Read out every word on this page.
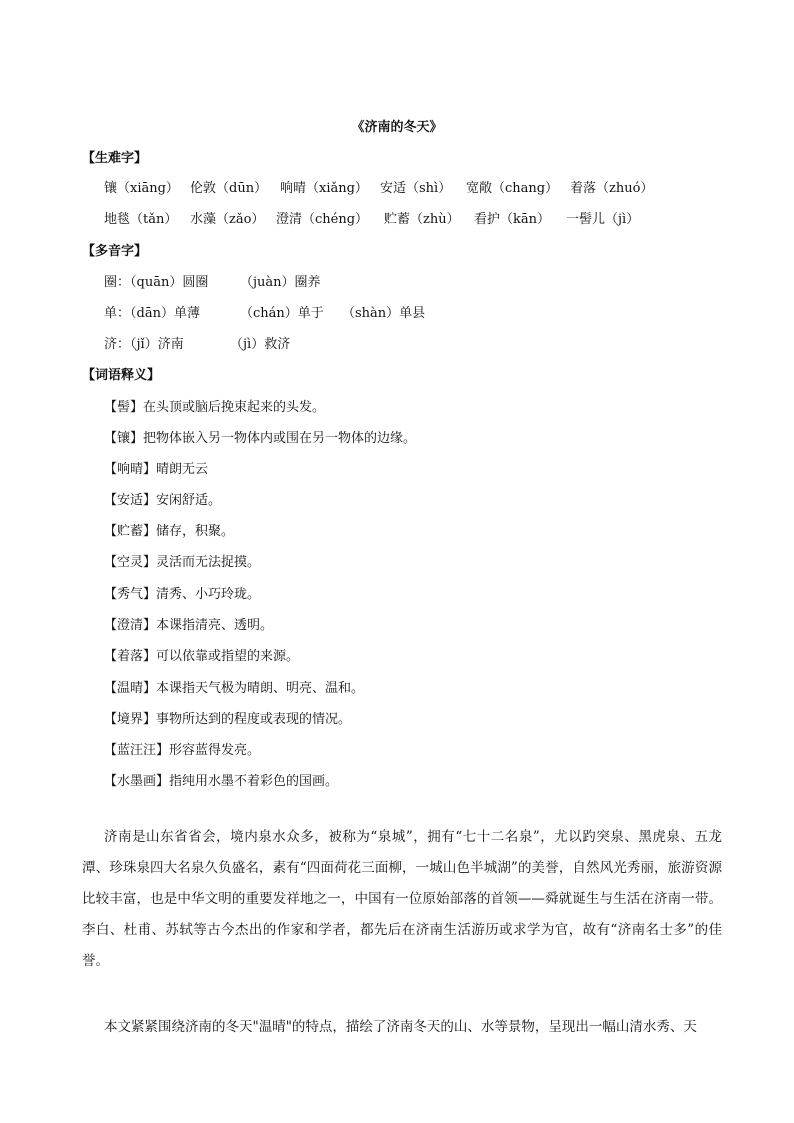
《济南的冬天》
【生难字】
镶（xiāng） 伦敦（dūn） 响晴（xiǎng） 安适（shì）	宽敞（chang） 着落（zhuó）
地毯（tǎn） 水藻（zǎo） 澄清（chéng）	贮蓄（zhù）	看护（kān）	一髻儿（jì）
【多音字】
圈：（quān）圆圈	（juàn）圈养
单：（dān）单薄	（chán）单于	（shàn）单县
济：（jǐ）济南	（jì）救济
【词语释义】
【髻】在头顶或脑后挽束起来的头发。
【镶】把物体嵌入另一物体内或围在另一物体的边缘。
【响晴】晴朗无云
【安适】安闲舒适。
【贮蓄】储存，积聚。
【空灵】灵活而无法捉摸。
【秀气】清秀、小巧玲珑。
【澄清】本课指清亮、透明。
【着落】可以依靠或指望的来源。
【温晴】本课指天气极为晴朗、明亮、温和。
【境界】事物所达到的程度或表现的情况。
【蓝汪汪】形容蓝得发亮。
【水墨画】指纯用水墨不着彩色的国画。
济南是山东省省会，境内泉水众多，被称为“泉城”，拥有“七十二名泉”，尤以趵突泉、黑虎泉、五龙潭、珍珠泉四大名泉久负盛名，素有“四面荷花三面柳，一城山色半城湖”的美誉，自然风光秀丽，旅游资源比较丰富，也是中华文明的重要发祥地之一，中国有一位原始部落的首领——舜就诞生与生活在济南一带。李白、杜甫、苏轼等古今杰出的作家和学者，都先后在济南生活游历或求学为官，故有“济南名士多”的佳誉。
本文紧紧围绕济南的冬天"温晴"的特点，描绘了济南冬天的山、水等景物，呈现出一幅山清水秀、天
